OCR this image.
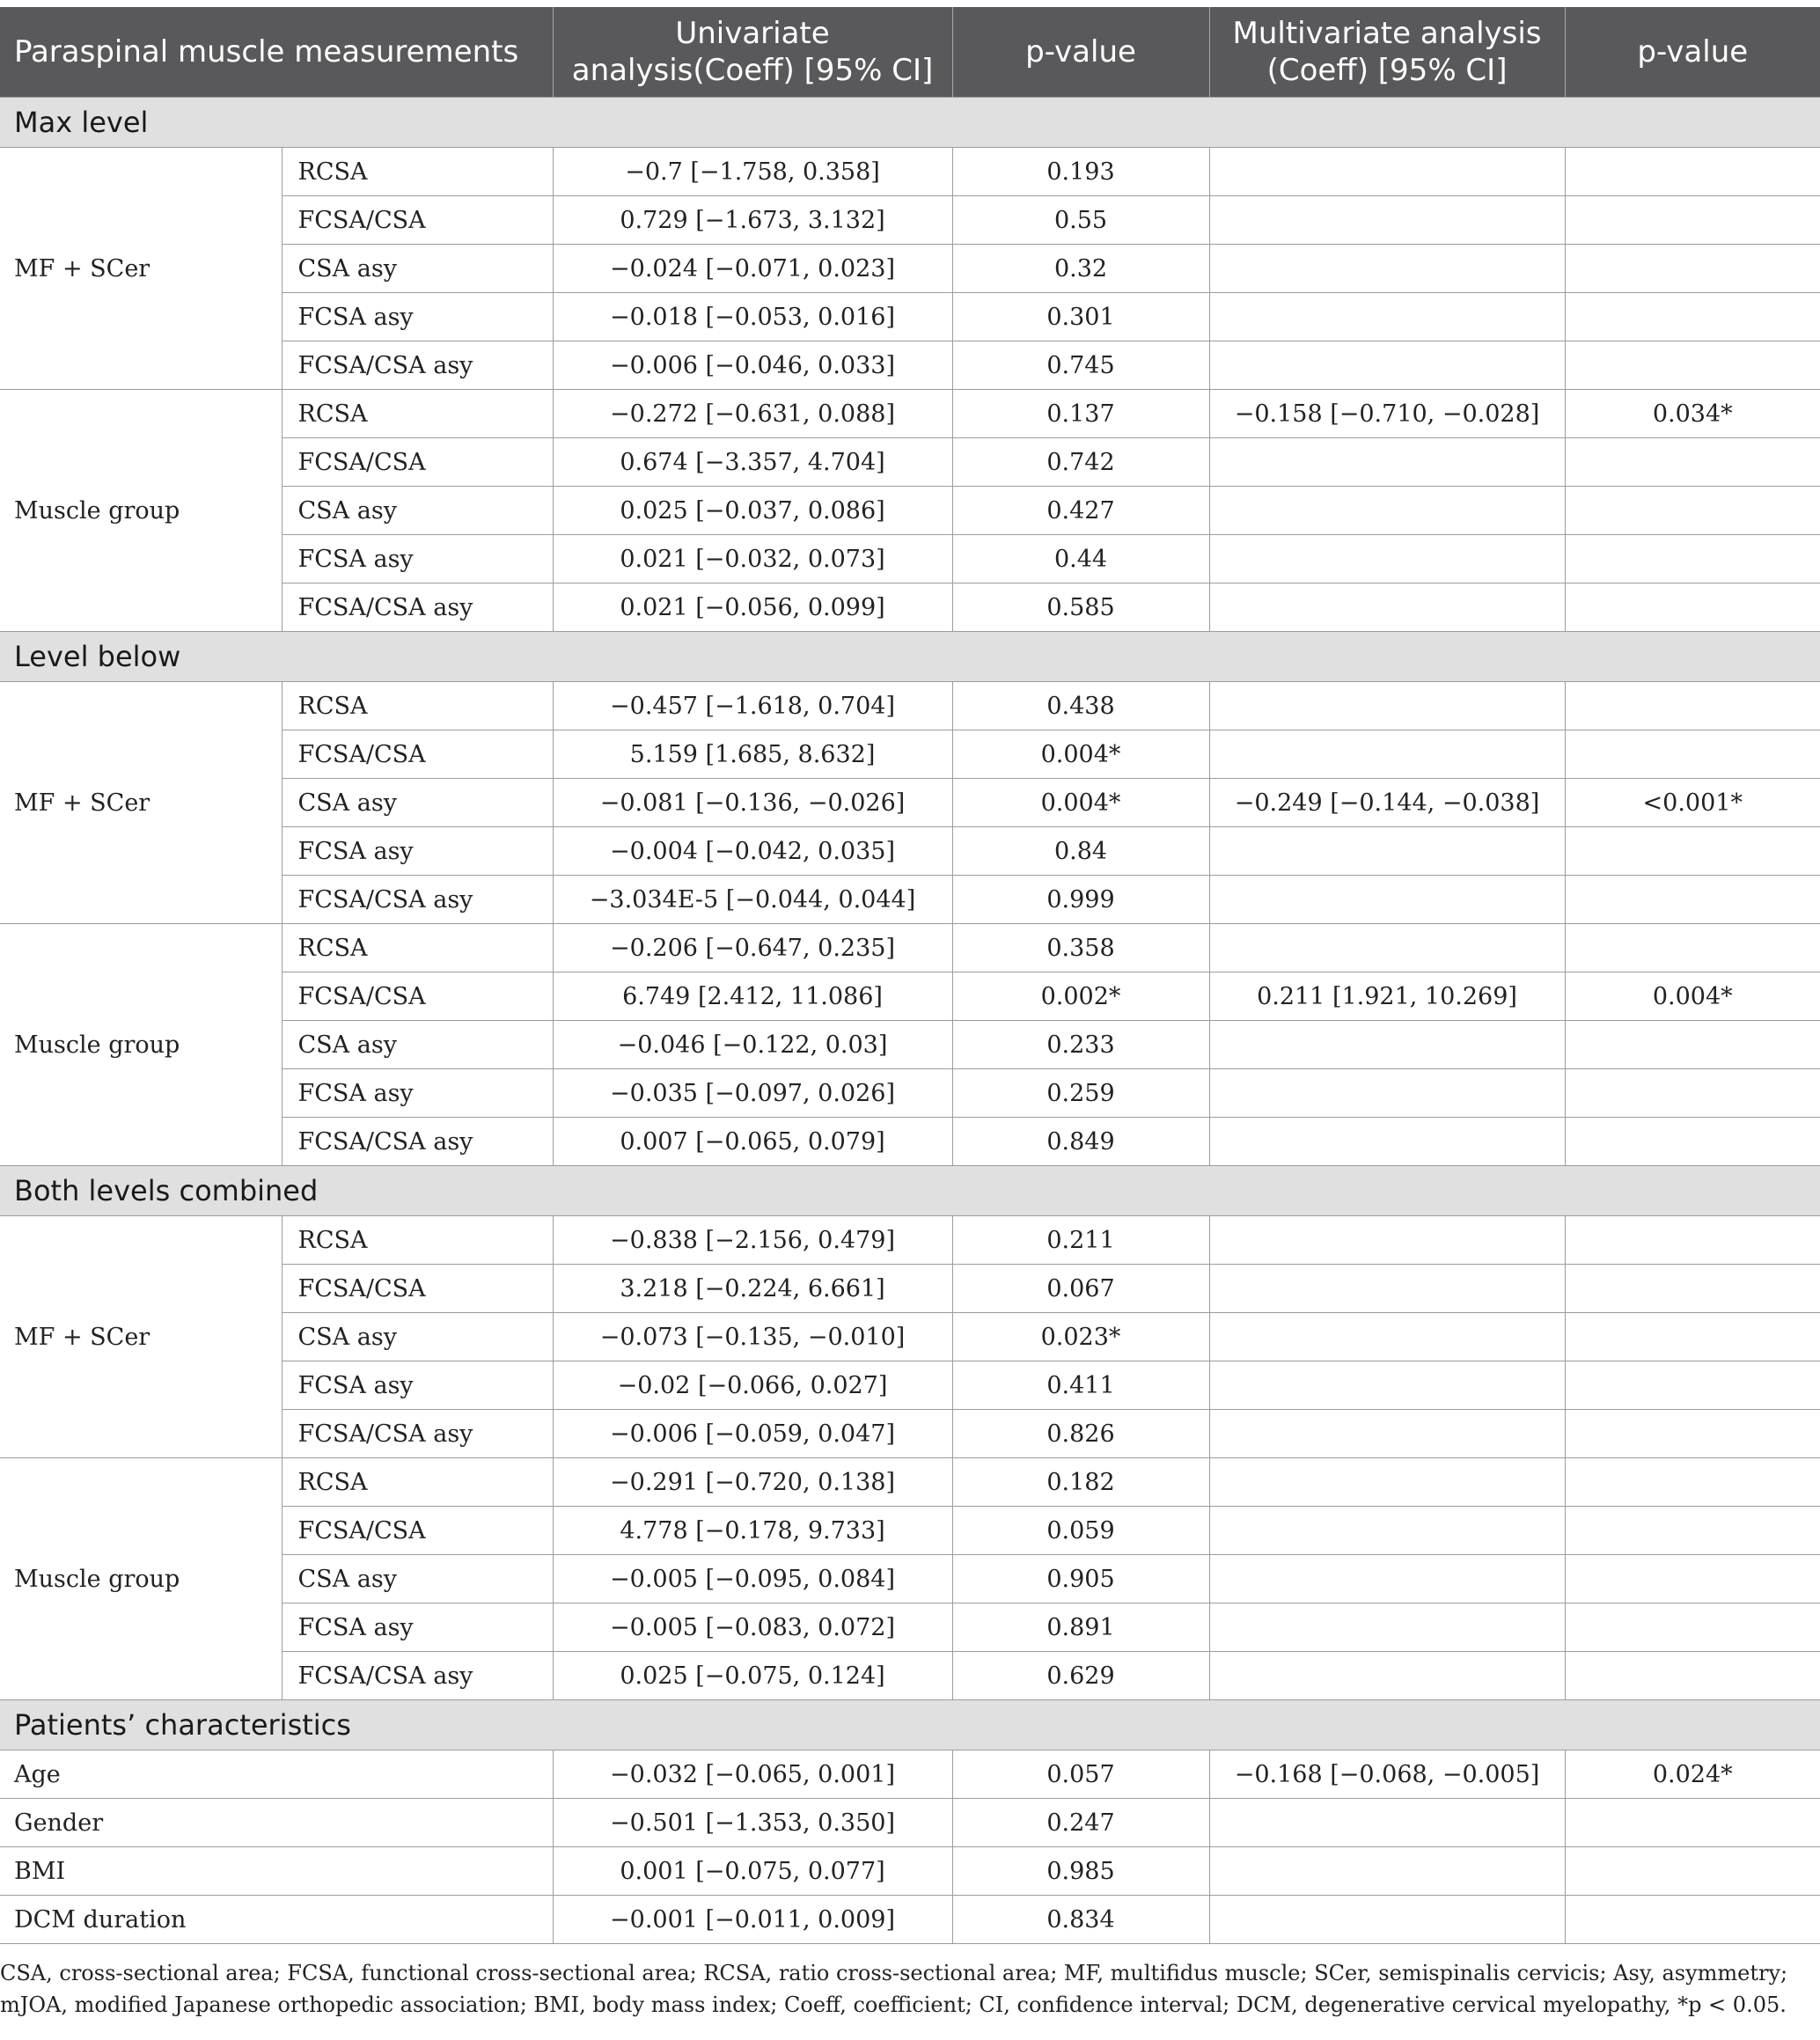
Paraspinal muscle measurements		Univariate analysis(Coeff) [95% CI]	p-value	Multivariate analysis (Coeff) [95% CI]	p-value
Max level					
MF + SCer	RCSA	−0.7 [−1.758, 0.358]	0.193		
	FCSA/CSA	0.729 [−1.673, 3.132]	0.55		
	CSA asy	−0.024 [−0.071, 0.023]	0.32		
	FCSA asy	−0.018 [−0.053, 0.016]	0.301		
	FCSA/CSA asy	−0.006 [−0.046, 0.033]	0.745		
Muscle group	RCSA	−0.272 [−0.631, 0.088]	0.137	−0.158 [−0.710, −0.028]	0.034*
	FCSA/CSA	0.674 [−3.357, 4.704]	0.742		
	CSA asy	0.025 [−0.037, 0.086]	0.427		
	FCSA asy	0.021 [−0.032, 0.073]	0.44		
	FCSA/CSA asy	0.021 [−0.056, 0.099]	0.585		
Level below					
MF + SCer	RCSA	−0.457 [−1.618, 0.704]	0.438		
	FCSA/CSA	5.159 [1.685, 8.632]	0.004*		
	CSA asy	−0.081 [−0.136, −0.026]	0.004*	−0.249 [−0.144, −0.038]	<0.001*
	FCSA asy	−0.004 [−0.042, 0.035]	0.84		
	FCSA/CSA asy	−3.034E-5 [−0.044, 0.044]	0.999		
Muscle group	RCSA	−0.206 [−0.647, 0.235]	0.358		
	FCSA/CSA	6.749 [2.412, 11.086]	0.002*	0.211 [1.921, 10.269]	0.004*
	CSA asy	−0.046 [−0.122, 0.03]	0.233		
	FCSA asy	−0.035 [−0.097, 0.026]	0.259		
	FCSA/CSA asy	0.007 [−0.065, 0.079]	0.849		
Both levels combined					
MF + SCer	RCSA	−0.838 [−2.156, 0.479]	0.211		
	FCSA/CSA	3.218 [−0.224, 6.661]	0.067		
	CSA asy	−0.073 [−0.135, −0.010]	0.023*		
	FCSA asy	−0.02 [−0.066, 0.027]	0.411		
	FCSA/CSA asy	−0.006 [−0.059, 0.047]	0.826		
Muscle group	RCSA	−0.291 [−0.720, 0.138]	0.182		
	FCSA/CSA	4.778 [−0.178, 9.733]	0.059		
	CSA asy	−0.005 [−0.095, 0.084]	0.905		
	FCSA asy	−0.005 [−0.083, 0.072]	0.891		
	FCSA/CSA asy	0.025 [−0.075, 0.124]	0.629		
Patients’ characteristics					
Age		−0.032 [−0.065, 0.001]	0.057	−0.168 [−0.068, −0.005]	0.024*
Gender		−0.501 [−1.353, 0.350]	0.247		
BMI		0.001 [−0.075, 0.077]	0.985		
DCM duration		−0.001 [−0.011, 0.009]	0.834		
CSA, cross-sectional area; FCSA, functional cross-sectional area; RCSA, ratio cross-sectional area; MF, multifidus muscle; SCer, semispinalis cervicis; Asy, asymmetry; mJOA, modified Japanese orthopedic association; BMI, body mass index; Coeff, coefficient; CI, confidence interval; DCM, degenerative cervical myelopathy, *p < 0.05.
